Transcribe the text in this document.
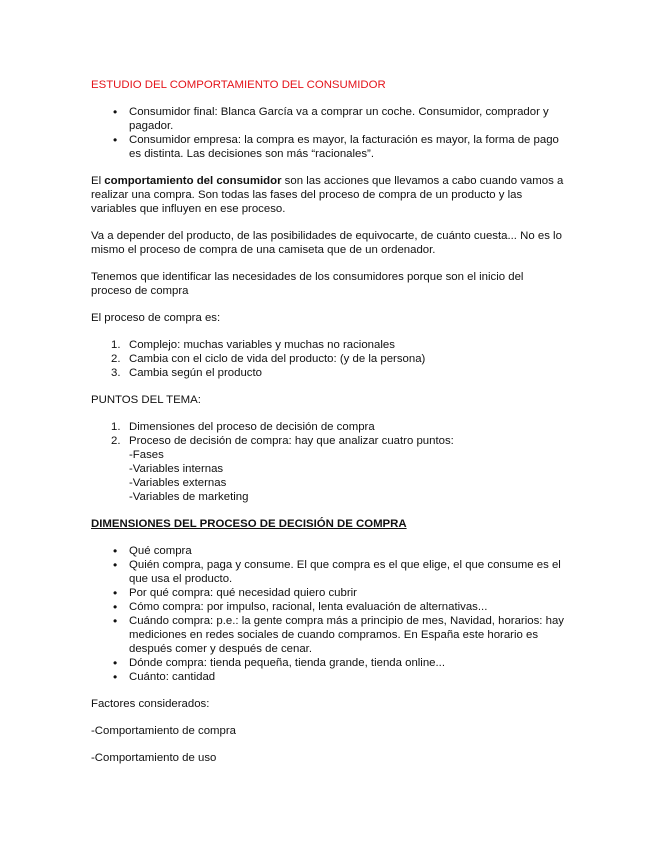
ESTUDIO DEL COMPORTAMIENTO DEL CONSUMIDOR
• Consumidor final: Blanca García va a comprar un coche. Consumidor, comprador y pagador.
• Consumidor empresa: la compra es mayor, la facturación es mayor, la forma de pago es distinta. Las decisiones son más “racionales”.

El comportamiento del consumidor son las acciones que llevamos a cabo cuando vamos a realizar una compra. Son todas las fases del proceso de compra de un producto y las variables que influyen en ese proceso.

Va a depender del producto, de las posibilidades de equivocarte, de cuánto cuesta... No es lo mismo el proceso de compra de una camiseta que de un ordenador.

Tenemos que identificar las necesidades de los consumidores porque son el inicio del proceso de compra

El proceso de compra es:

1. Complejo: muchas variables y muchas no racionales
2. Cambia con el ciclo de vida del producto: (y de la persona)
3. Cambia según el producto

PUNTOS DEL TEMA:

1. Dimensiones del proceso de decisión de compra
2. Proceso de decisión de compra: hay que analizar cuatro puntos:
-Fases
-Variables internas
-Variables externas
-Variables de marketing
DIMENSIONES DEL PROCESO DE DECISIÓN DE COMPRA
• Qué compra
• Quién compra, paga y consume. El que compra es el que elige, el que consume es el que usa el producto.
• Por qué compra: qué necesidad quiero cubrir
• Cómo compra: por impulso, racional, lenta evaluación de alternativas...
• Cuándo compra: p.e.: la gente compra más a principio de mes, Navidad, horarios: hay mediciones en redes sociales de cuando compramos. En España este horario es después comer y después de cenar.
• Dónde compra: tienda pequeña, tienda grande, tienda online...
• Cuánto: cantidad

Factores considerados:

-Comportamiento de compra

-Comportamiento de uso
